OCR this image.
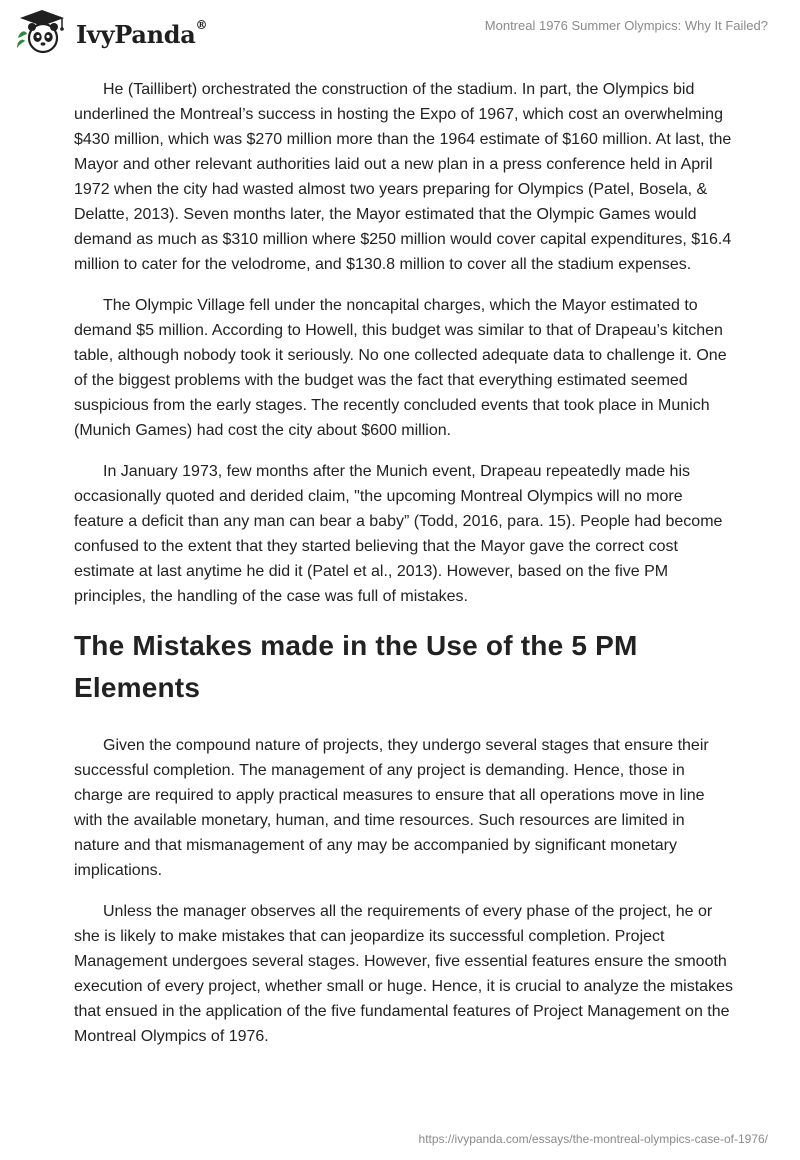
IvyPanda®	Montreal 1976 Summer Olympics: Why It Failed?

He (Taillibert) orchestrated the construction of the stadium. In part, the Olympics bid underlined the Montreal’s success in hosting the Expo of 1967, which cost an overwhelming $430 million, which was $270 million more than the 1964 estimate of $160 million. At last, the Mayor and other relevant authorities laid out a new plan in a press conference held in April 1972 when the city had wasted almost two years preparing for Olympics (Patel, Bosela, & Delatte, 2013). Seven months later, the Mayor estimated that the Olympic Games would demand as much as $310 million where $250 million would cover capital expenditures, $16.4 million to cater for the velodrome, and $130.8 million to cover all the stadium expenses.

The Olympic Village fell under the noncapital charges, which the Mayor estimated to demand $5 million. According to Howell, this budget was similar to that of Drapeau’s kitchen table, although nobody took it seriously. No one collected adequate data to challenge it. One of the biggest problems with the budget was the fact that everything estimated seemed suspicious from the early stages. The recently concluded events that took place in Munich (Munich Games) had cost the city about $600 million.

In January 1973, few months after the Munich event, Drapeau repeatedly made his occasionally quoted and derided claim, "the upcoming Montreal Olympics will no more feature a deficit than any man can bear a baby” (Todd, 2016, para. 15). People had become confused to the extent that they started believing that the Mayor gave the correct cost estimate at last anytime he did it (Patel et al., 2013). However, based on the five PM principles, the handling of the case was full of mistakes.

The Mistakes made in the Use of the 5 PM Elements

Given the compound nature of projects, they undergo several stages that ensure their successful completion. The management of any project is demanding. Hence, those in charge are required to apply practical measures to ensure that all operations move in line with the available monetary, human, and time resources. Such resources are limited in nature and that mismanagement of any may be accompanied by significant monetary implications.

Unless the manager observes all the requirements of every phase of the project, he or she is likely to make mistakes that can jeopardize its successful completion. Project Management undergoes several stages. However, five essential features ensure the smooth execution of every project, whether small or huge. Hence, it is crucial to analyze the mistakes that ensued in the application of the five fundamental features of Project Management on the Montreal Olympics of 1976.

https://ivypanda.com/essays/the-montreal-olympics-case-of-1976/
